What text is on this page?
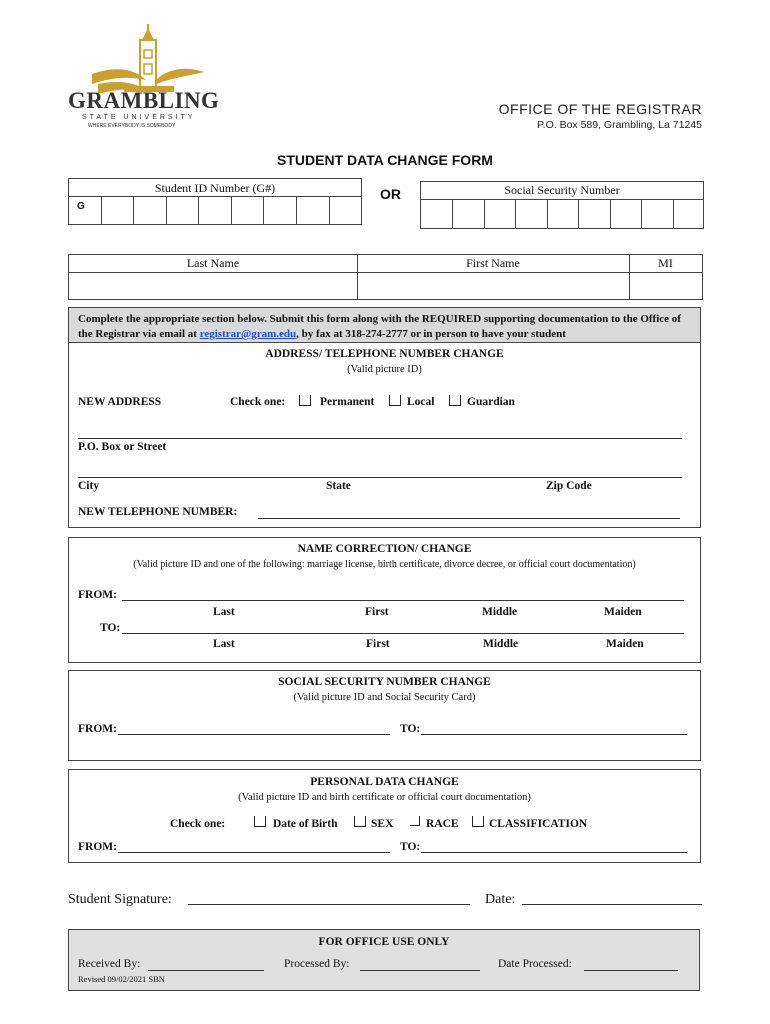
GRAMBLING
STATE UNIVERSITY
WHERE EVERYBODY IS SOMEBODY
OFFICE OF THE REGISTRAR
P.O. Box 589, Grambling, La 71245
STUDENT DATA CHANGE FORM
Student ID Number (G#)
G
OR	Social Security Number
Last Name	First Name	MI
Complete the appropriate section below. Submit this form along with the REQUIRED supporting documentation to the Office of the Registrar via email at registrar@gram.edu, by fax at 318-274-2777 or in person to have your student
ADDRESS/ TELEPHONE NUMBER CHANGE
(Valid picture ID)
NEW ADDRESS	Check one:	Permanent	Local	Guardian
P.O. Box or Street
City	State	Zip Code
NEW TELEPHONE NUMBER:
NAME CORRECTION/ CHANGE
(Valid picture ID and one of the following: marriage license, birth certificate, divorce decree, or official court documentation)
FROM:
Last	First	Middle	Maiden
TO:
Last	First	Middle	Maiden
SOCIAL SECURITY NUMBER CHANGE
(Valid picture ID and Social Security Card)
FROM:	TO:
PERSONAL DATA CHANGE
(Valid picture ID and birth certificate or official court documentation)
Check one:	Date of Birth	SEX	RACE	CLASSIFICATION
FROM:	TO:
Student Signature:	Date:
FOR OFFICE USE ONLY
Received By:	Processed By:	Date Processed:
Revised 09/02/2021 SBN
